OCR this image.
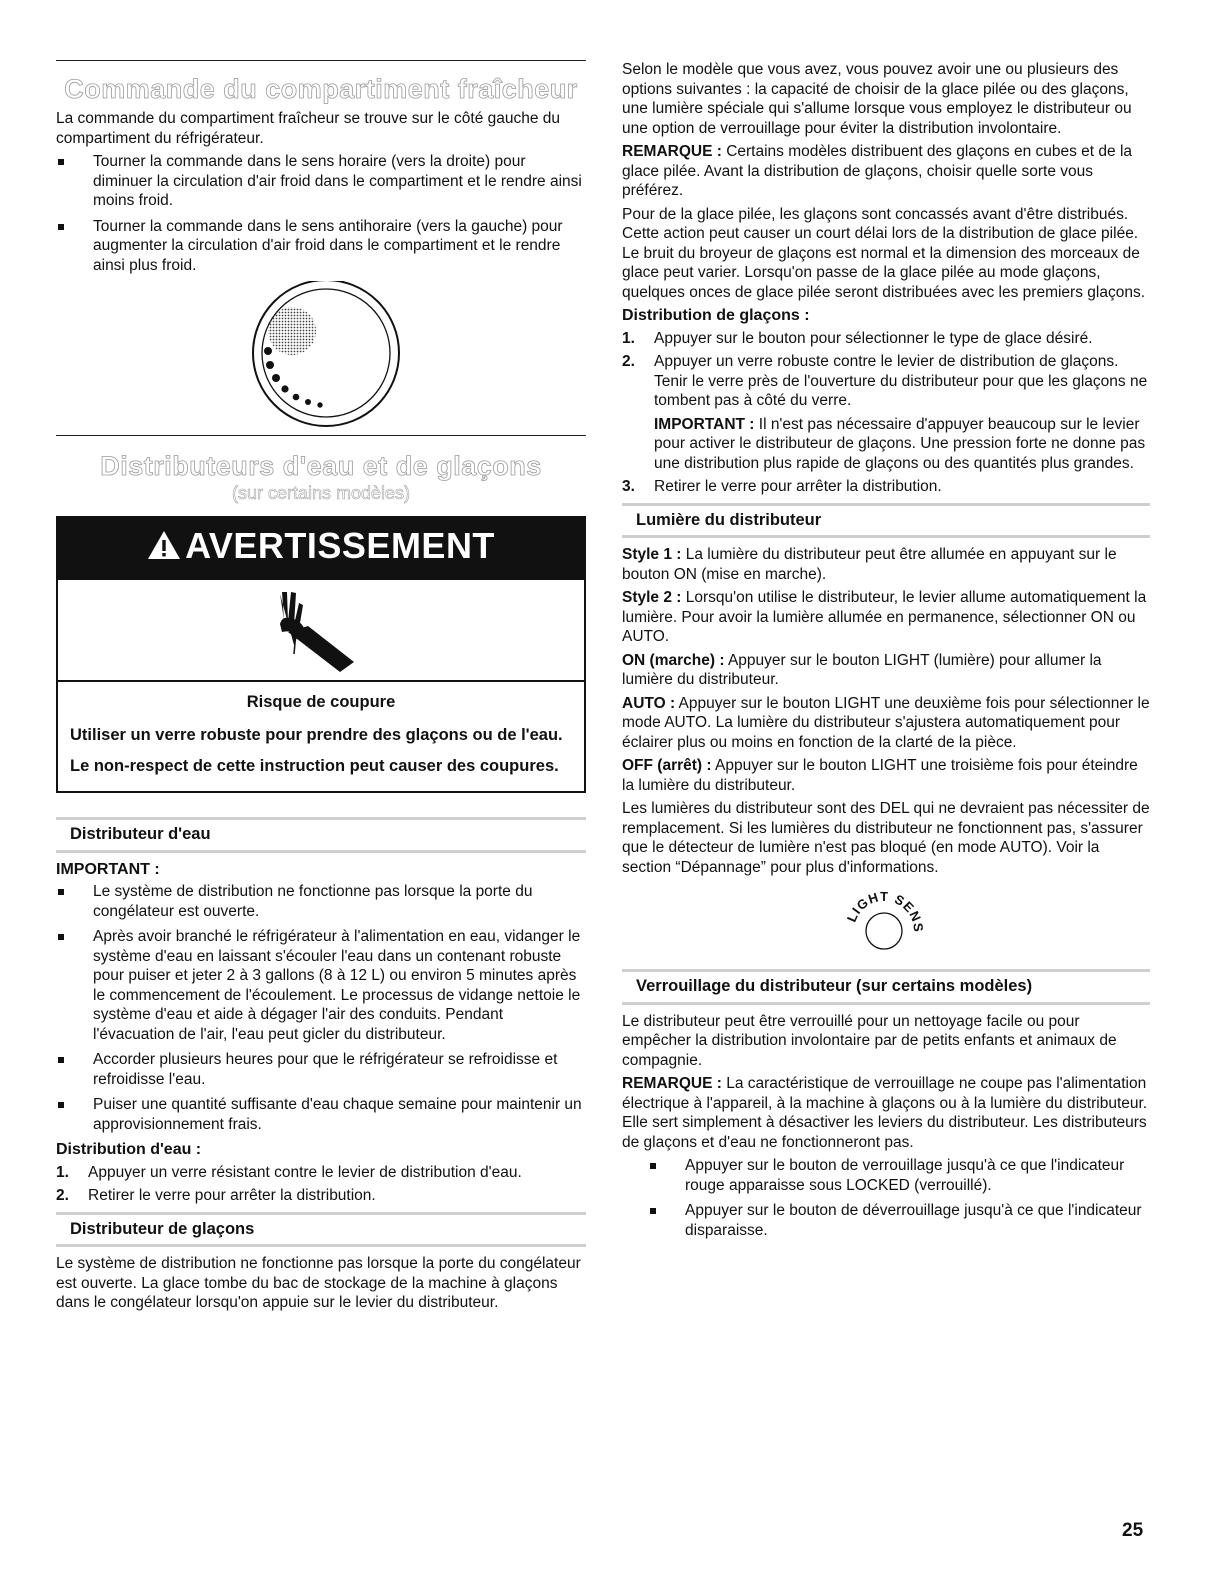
Commande du compartiment fraîcheur

La commande du compartiment fraîcheur se trouve sur le côté gauche du compartiment du réfrigérateur.

Tourner la commande dans le sens horaire (vers la droite) pour diminuer la circulation d'air froid dans le compartiment et le rendre ainsi moins froid.
Tourner la commande dans le sens antihoraire (vers la gauche) pour augmenter la circulation d'air froid dans le compartiment et le rendre ainsi plus froid.
Distributeurs d'eau et de glaçons
(sur certains modèles)
AVERTISSEMENT
Risque de coupure

Utiliser un verre robuste pour prendre des glaçons ou de l'eau.

Le non-respect de cette instruction peut causer des coupures.

Distributeur d'eau
IMPORTANT :
Le système de distribution ne fonctionne pas lorsque la porte du congélateur est ouverte.
Après avoir branché le réfrigérateur à l'alimentation en eau, vidanger le système d'eau en laissant s'écouler l'eau dans un contenant robuste pour puiser et jeter 2 à 3 gallons (8 à 12 L) ou environ 5 minutes après le commencement de l'écoulement. Le processus de vidange nettoie le système d'eau et aide à dégager l'air des conduits. Pendant l'évacuation de l'air, l'eau peut gicler du distributeur.
Accorder plusieurs heures pour que le réfrigérateur se refroidisse et refroidisse l'eau.
Puiser une quantité suffisante d'eau chaque semaine pour maintenir un approvisionnement frais.
Distribution d'eau :
1. Appuyer un verre résistant contre le levier de distribution d'eau.
2. Retirer le verre pour arrêter la distribution.
Distributeur de glaçons

Le système de distribution ne fonctionne pas lorsque la porte du congélateur est ouverte. La glace tombe du bac de stockage de la machine à glaçons dans le congélateur lorsqu'on appuie sur le levier du distributeur.

Selon le modèle que vous avez, vous pouvez avoir une ou plusieurs des options suivantes : la capacité de choisir de la glace pilée ou des glaçons, une lumière spéciale qui s'allume lorsque vous employez le distributeur ou une option de verrouillage pour éviter la distribution involontaire.

REMARQUE : Certains modèles distribuent des glaçons en cubes et de la glace pilée. Avant la distribution de glaçons, choisir quelle sorte vous préférez.

Pour de la glace pilée, les glaçons sont concassés avant d'être distribués. Cette action peut causer un court délai lors de la distribution de glace pilée. Le bruit du broyeur de glaçons est normal et la dimension des morceaux de glace peut varier. Lorsqu'on passe de la glace pilée au mode glaçons, quelques onces de glace pilée seront distribuées avec les premiers glaçons.

Distribution de glaçons :
1. Appuyer sur le bouton pour sélectionner le type de glace désiré.
2. Appuyer un verre robuste contre le levier de distribution de glaçons. Tenir le verre près de l'ouverture du distributeur pour que les glaçons ne tombent pas à côté du verre.
IMPORTANT : Il n'est pas nécessaire d'appuyer beaucoup sur le levier pour activer le distributeur de glaçons. Une pression forte ne donne pas une distribution plus rapide de glaçons ou des quantités plus grandes.
3. Retirer le verre pour arrêter la distribution.
Lumière du distributeur

Style 1 : La lumière du distributeur peut être allumée en appuyant sur le bouton ON (mise en marche).

Style 2 : Lorsqu'on utilise le distributeur, le levier allume automatiquement la lumière. Pour avoir la lumière allumée en permanence, sélectionner ON ou AUTO.

ON (marche) : Appuyer sur le bouton LIGHT (lumière) pour allumer la lumière du distributeur.

AUTO : Appuyer sur le bouton LIGHT une deuxième fois pour sélectionner le mode AUTO. La lumière du distributeur s'ajustera automatiquement pour éclairer plus ou moins en fonction de la clarté de la pièce.

OFF (arrêt) : Appuyer sur le bouton LIGHT une troisième fois pour éteindre la lumière du distributeur.

Les lumières du distributeur sont des DEL qui ne devraient pas nécessiter de remplacement. Si les lumières du distributeur ne fonctionnent pas, s'assurer que le détecteur de lumière n'est pas bloqué (en mode AUTO). Voir la section “Dépannage” pour plus d'informations.

LIGHT SENS
Verrouillage du distributeur (sur certains modèles)

Le distributeur peut être verrouillé pour un nettoyage facile ou pour empêcher la distribution involontaire par de petits enfants et animaux de compagnie.

REMARQUE : La caractéristique de verrouillage ne coupe pas l'alimentation électrique à l'appareil, à la machine à glaçons ou à la lumière du distributeur. Elle sert simplement à désactiver les leviers du distributeur. Les distributeurs de glaçons et d'eau ne fonctionneront pas.

Appuyer sur le bouton de verrouillage jusqu'à ce que l'indicateur rouge apparaisse sous LOCKED (verrouillé).
Appuyer sur le bouton de déverrouillage jusqu'à ce que l'indicateur disparaisse.
25
